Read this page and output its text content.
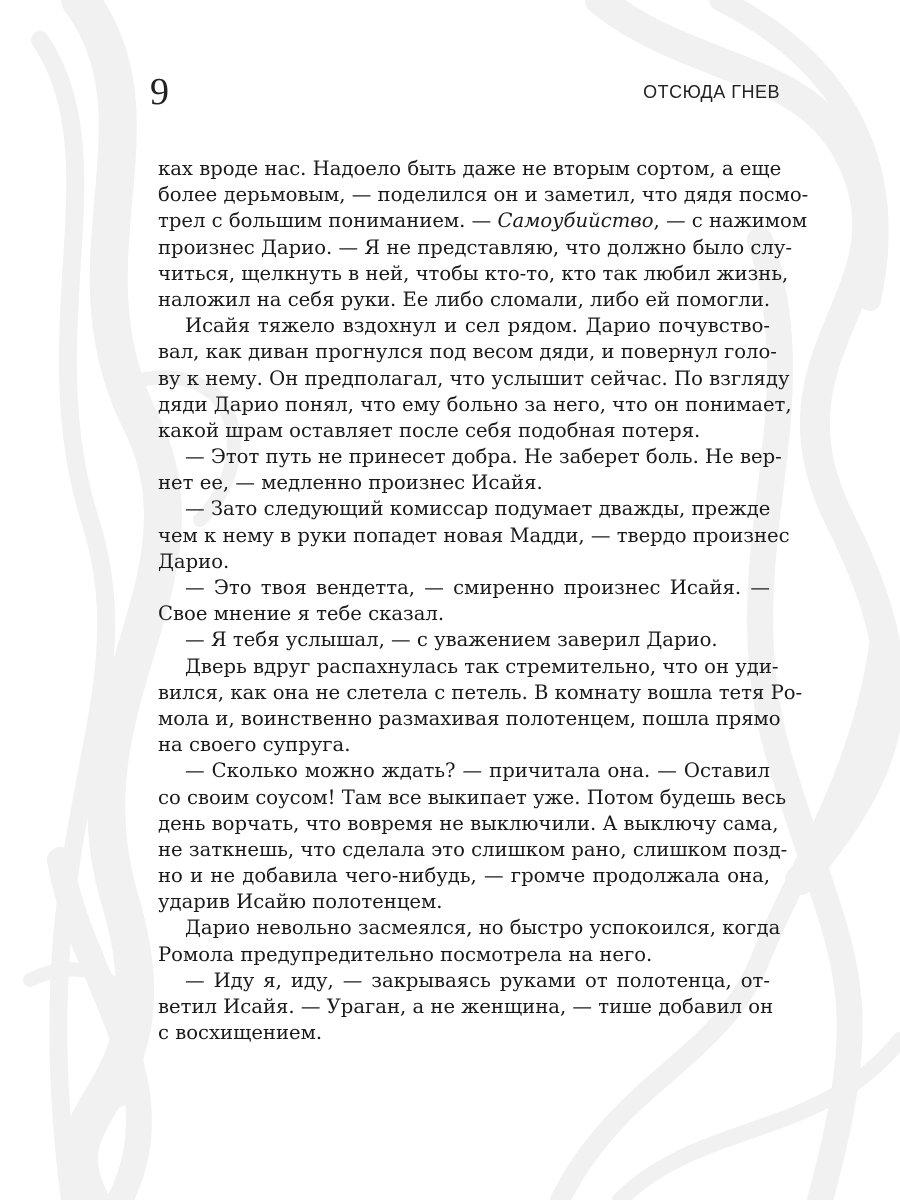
9	ОТСЮДА ГНЕВ
ках вроде нас. Надоело быть даже не вторым сортом, а еще
более дерьмовым, — поделился он и заметил, что дядя посмо-
трел с большим пониманием. — Самоубийство, — с нажимом
произнес Дарио. — Я не представляю, что должно было слу-
читься, щелкнуть в ней, чтобы кто-то, кто так любил жизнь,
наложил на себя руки. Ее либо сломали, либо ей помогли.
Исайя тяжело вздохнул и сел рядом. Дарио почувство-
вал, как диван прогнулся под весом дяди, и повернул голо-
ву к нему. Он предполагал, что услышит сейчас. По взгляду
дяди Дарио понял, что ему больно за него, что он понимает,
какой шрам оставляет после себя подобная потеря.
— Этот путь не принесет добра. Не заберет боль. Не вер-
нет ее, — медленно произнес Исайя.
— Зато следующий комиссар подумает дважды, прежде
чем к нему в руки попадет новая Мадди, — твердо произнес
Дарио.
— Это твоя вендетта, — смиренно произнес Исайя. —
Свое мнение я тебе сказал.
— Я тебя услышал, — с уважением заверил Дарио.
Дверь вдруг распахнулась так стремительно, что он уди-
вился, как она не слетела с петель. В комнату вошла тетя Ро-
мола и, воинственно размахивая полотенцем, пошла прямо
на своего супруга.
— Сколько можно ждать? — причитала она. — Оставил
со своим соусом! Там все выкипает уже. Потом будешь весь
день ворчать, что вовремя не выключили. А выключу сама,
не заткнешь, что сделала это слишком рано, слишком позд-
но и не добавила чего-нибудь, — громче продолжала она,
ударив Исайю полотенцем.
Дарио невольно засмеялся, но быстро успокоился, когда
Ромола предупредительно посмотрела на него.
— Иду я, иду, — закрываясь руками от полотенца, от-
ветил Исайя. — Ураган, а не женщина, — тише добавил он
с восхищением.
